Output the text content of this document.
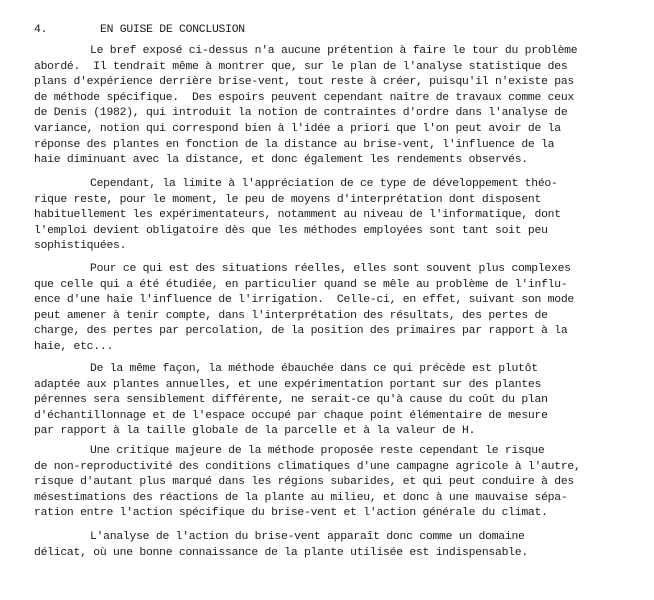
4.	EN GUISE DE CONCLUSION
Le bref exposé ci-dessus n'a aucune prétention à faire le tour du problème
abordé.  Il tendrait même à montrer que, sur le plan de l'analyse statistique des
plans d'expérience derrière brise-vent, tout reste à créer, puisqu'il n'existe pas
de méthode spécifique.  Des espoirs peuvent cependant naître de travaux comme ceux
de Denis (1982), qui introduit la notion de contraintes d'ordre dans l'analyse de
variance, notion qui correspond bien à l'idée a priori que l'on peut avoir de la
réponse des plantes en fonction de la distance au brise-vent, l'influence de la
haie diminuant avec la distance, et donc également les rendements observés.
Cependant, la limite à l'appréciation de ce type de développement théo-
rique reste, pour le moment, le peu de moyens d'interprétation dont disposent
habituellement les expérimentateurs, notamment au niveau de l'informatique, dont
l'emploi devient obligatoire dès que les méthodes employées sont tant soit peu
sophistiquées.
Pour ce qui est des situations réelles, elles sont souvent plus complexes
que celle qui a été étudiée, en particulier quand se mêle au problème de l'influ-
ence d'une haie l'influence de l'irrigation.  Celle-ci, en effet, suivant son mode
peut amener à tenir compte, dans l'interprétation des résultats, des pertes de
charge, des pertes par percolation, de la position des primaires par rapport à la
haie, etc...
De la même façon, la méthode ébauchée dans ce qui précède est plutôt
adaptée aux plantes annuelles, et une expérimentation portant sur des plantes
pérennes sera sensiblement différente, ne serait-ce qu'à cause du coût du plan
d'échantillonnage et de l'espace occupé par chaque point élémentaire de mesure
par rapport à la taille globale de la parcelle et à la valeur de H.
Une critique majeure de la méthode proposée reste cependant le risque
de non-reproductivité des conditions climatiques d'une campagne agricole à l'autre,
risque d'autant plus marqué dans les régions subarides, et qui peut conduire à des
mésestimations des réactions de la plante au milieu, et donc à une mauvaise sépa-
ration entre l'action spécifique du brise-vent et l'action générale du climat.
L'analyse de l'action du brise-vent apparaît donc comme un domaine
délicat, où une bonne connaissance de la plante utilisée est indispensable.
